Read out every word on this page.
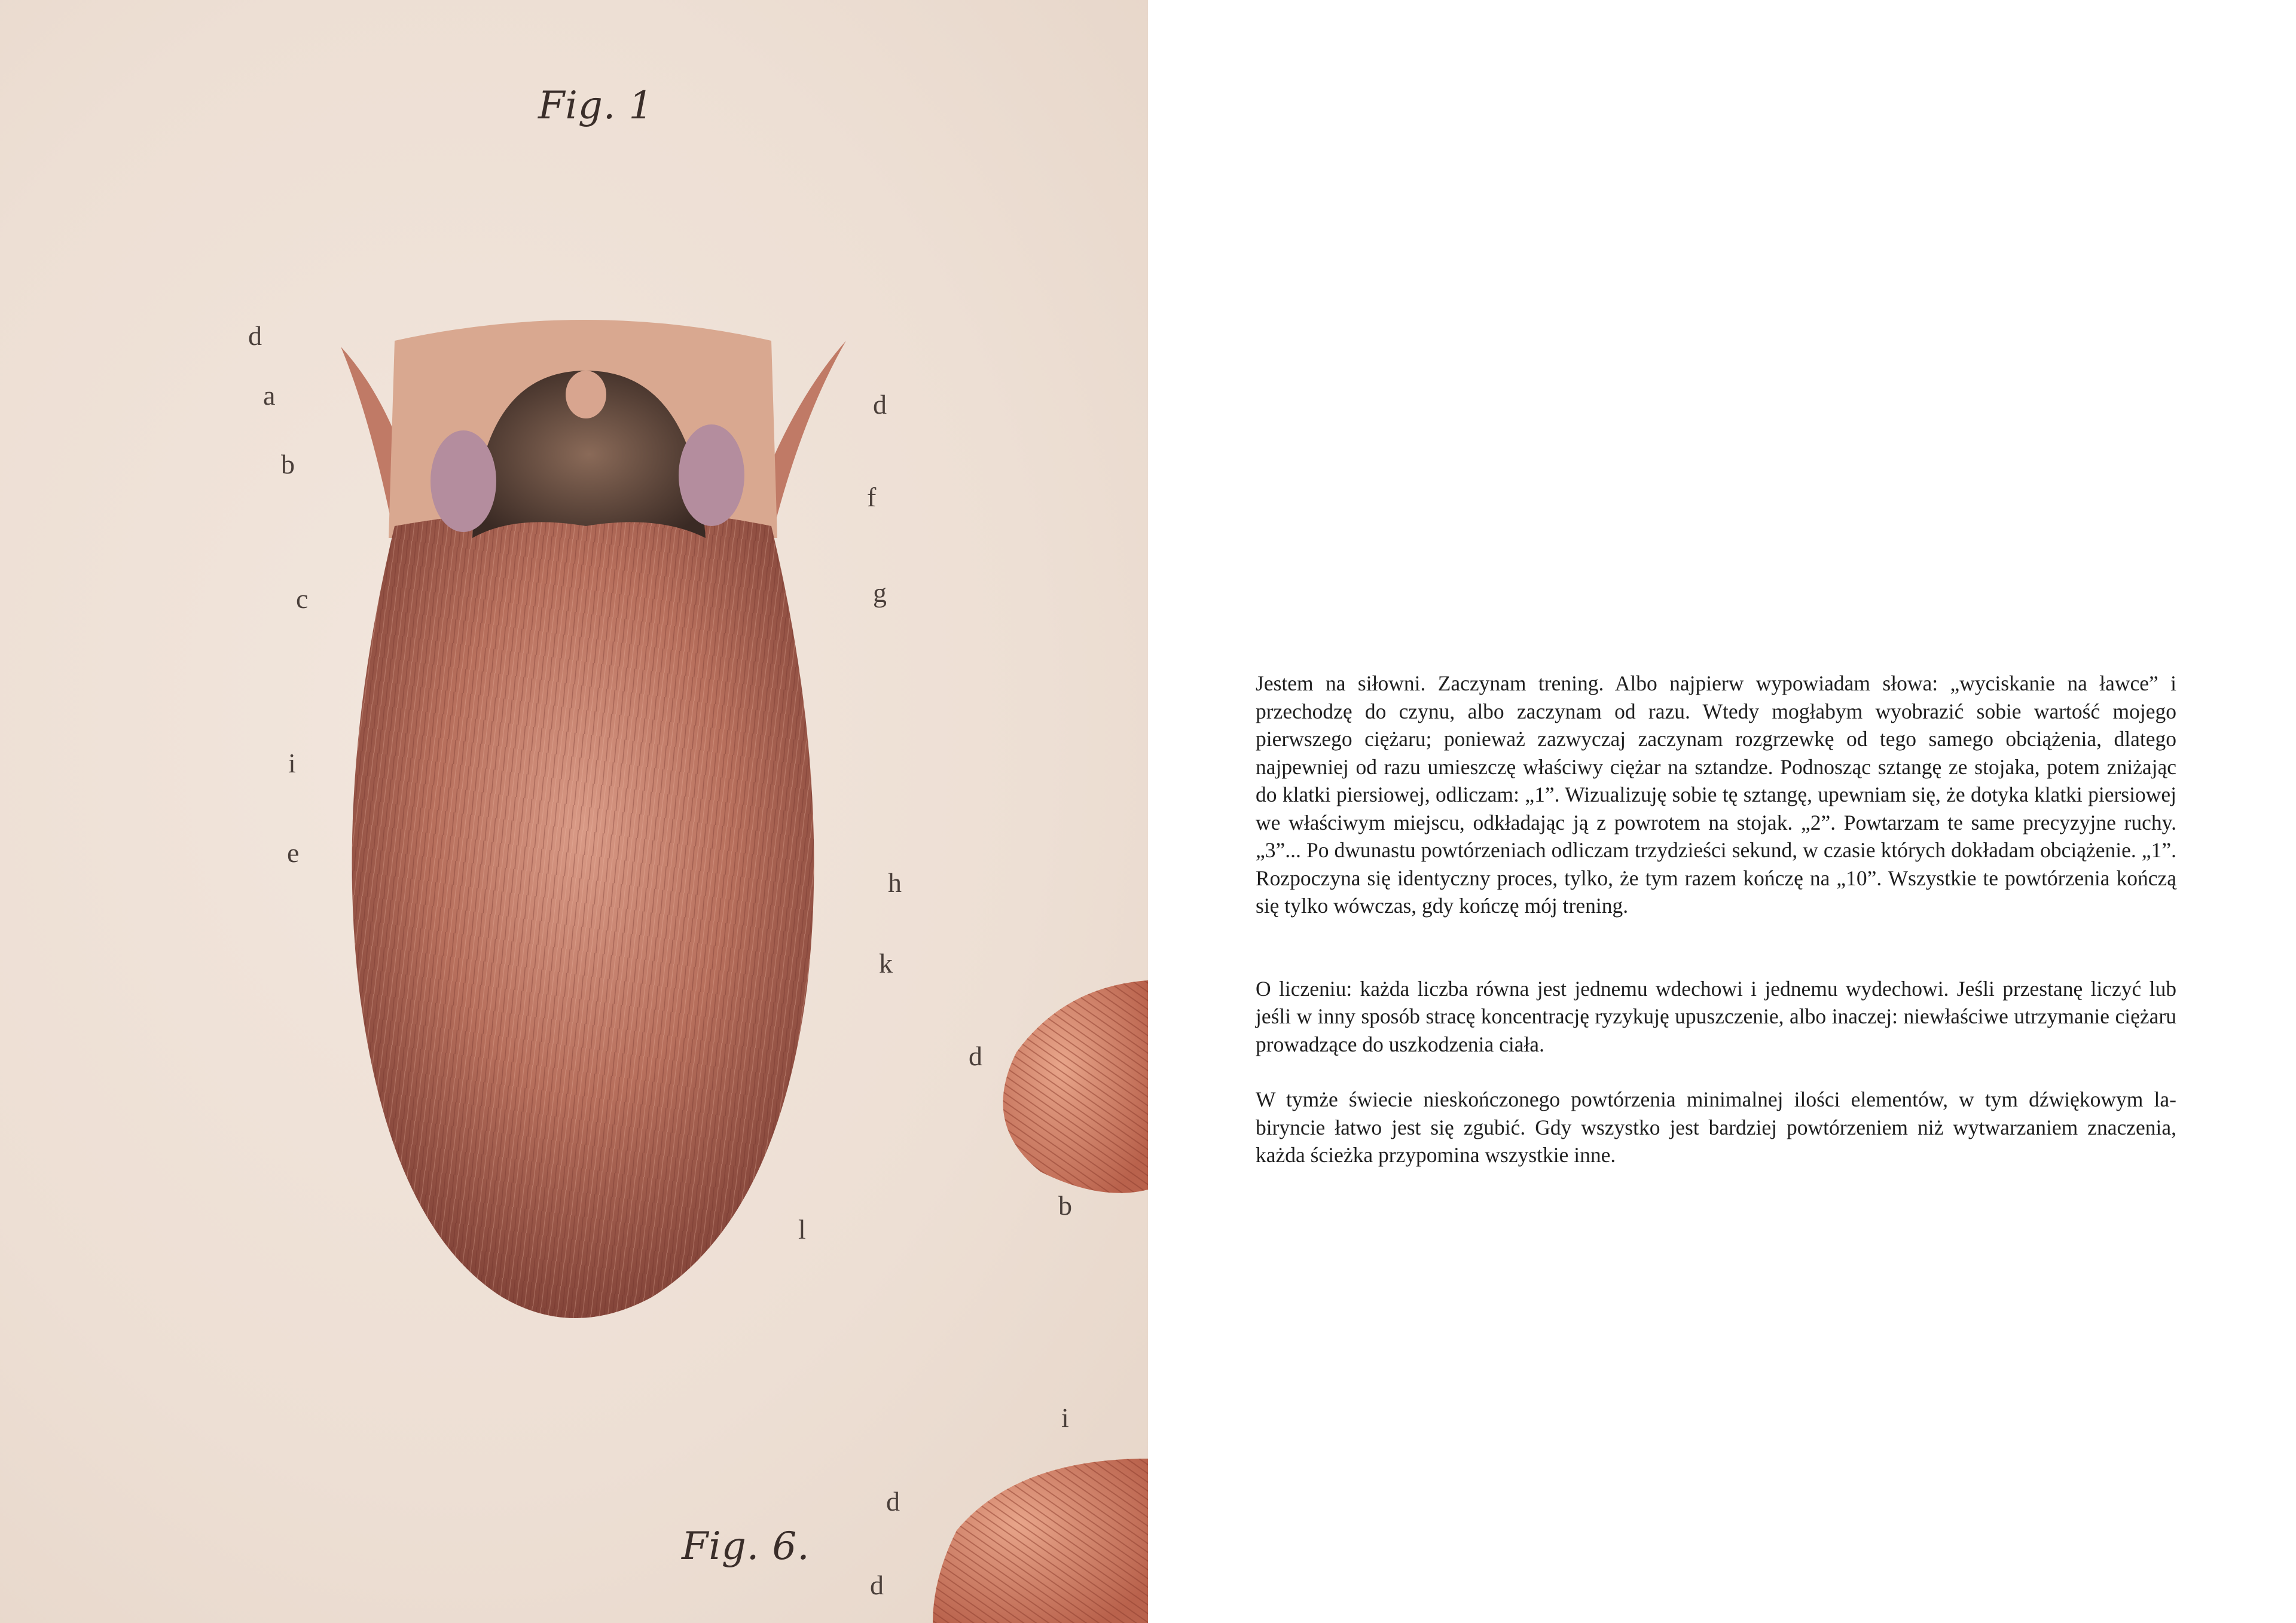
Fig. 1
Fig. 6.
d
a
b
c
i
e
d
f
g
h
k
l
d
b
i
d
d

Jestem na siłowni. Zaczynam trening. Albo najpierw wypowiadam słowa: „wyciskanie na ławce” i przechodzę do czynu, albo zaczynam od razu. Wtedy mogłabym wyobrazić sobie wartość mojego pierwszego ciężaru; ponieważ zazwyczaj zaczynam rozgrzewkę od tego samego obciążenia, dlatego najpewniej od razu umieszczę właściwy ciężar na sztandze. Podnosząc sztangę ze stojaka, potem zniżając do klatki piersiowej, odliczam: „1”. Wizualizuję sobie tę sztangę, upewniam się, że dotyka klatki piersiowej we właściwym miejscu, odkładając ją z powrotem na stojak. „2”. Powtarzam te same precyzyjne ruchy. „3”... Po dwunastu powtórzeniach odliczam trzydzieści sekund, w czasie których dokładam obciążenie. „1”. Rozpoczyna się identyczny proces, tylko, że tym razem kończę na „10”. Wszystkie te powtórzenia kończą się tylko wówczas, gdy kończę mój trening.

O liczeniu: każda liczba równa jest jednemu wdechowi i jednemu wydechowi. Jeśli przestanę liczyć lub jeśli w inny sposób stracę koncentrację ryzykuję upuszczenie, albo inaczej: niewłaściwe utrzymanie ciężaru prowadzące do uszkodzenia ciała.

W tymże świecie nieskończonego powtórzenia minimalnej ilości elementów, w tym dźwiękowym labiryncie łatwo jest się zgubić. Gdy wszystko jest bardziej powtórzeniem niż wytwarzaniem znaczenia, każda ścieżka przypomina wszystkie inne.
